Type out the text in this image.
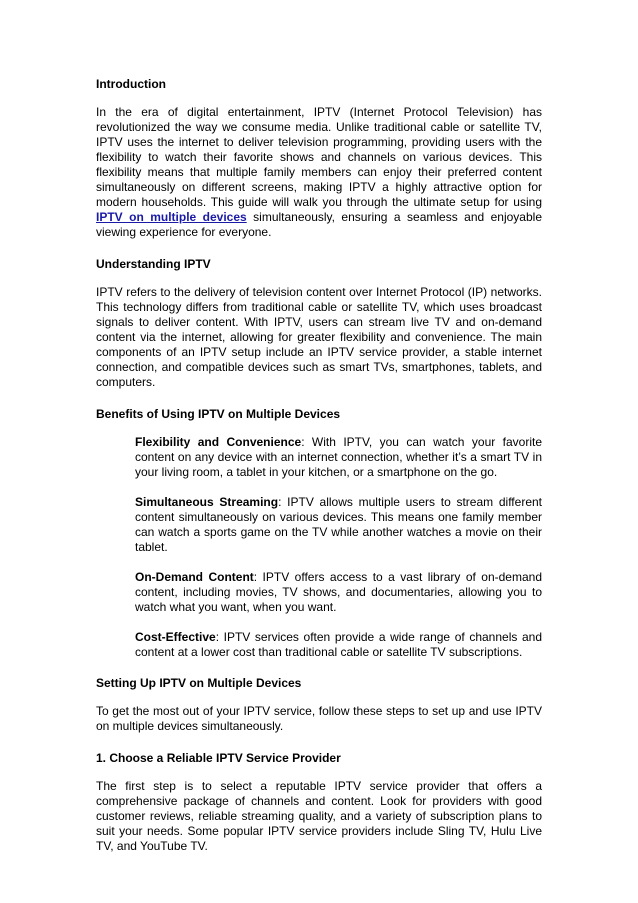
Introduction

In the era of digital entertainment, IPTV (Internet Protocol Television) has revolutionized the way we consume media. Unlike traditional cable or satellite TV, IPTV uses the internet to deliver television programming, providing users with the flexibility to watch their favorite shows and channels on various devices. This flexibility means that multiple family members can enjoy their preferred content simultaneously on different screens, making IPTV a highly attractive option for modern households. This guide will walk you through the ultimate setup for using IPTV on multiple devices simultaneously, ensuring a seamless and enjoyable viewing experience for everyone.

Understanding IPTV

IPTV refers to the delivery of television content over Internet Protocol (IP) networks. This technology differs from traditional cable or satellite TV, which uses broadcast signals to deliver content. With IPTV, users can stream live TV and on-demand content via the internet, allowing for greater flexibility and convenience. The main components of an IPTV setup include an IPTV service provider, a stable internet connection, and compatible devices such as smart TVs, smartphones, tablets, and computers.

Benefits of Using IPTV on Multiple Devices

Flexibility and Convenience: With IPTV, you can watch your favorite content on any device with an internet connection, whether it’s a smart TV in your living room, a tablet in your kitchen, or a smartphone on the go.

Simultaneous Streaming: IPTV allows multiple users to stream different content simultaneously on various devices. This means one family member can watch a sports game on the TV while another watches a movie on their tablet.

On-Demand Content: IPTV offers access to a vast library of on-demand content, including movies, TV shows, and documentaries, allowing you to watch what you want, when you want.

Cost-Effective: IPTV services often provide a wide range of channels and content at a lower cost than traditional cable or satellite TV subscriptions.

Setting Up IPTV on Multiple Devices

To get the most out of your IPTV service, follow these steps to set up and use IPTV on multiple devices simultaneously.

1. Choose a Reliable IPTV Service Provider

The first step is to select a reputable IPTV service provider that offers a comprehensive package of channels and content. Look for providers with good customer reviews, reliable streaming quality, and a variety of subscription plans to suit your needs. Some popular IPTV service providers include Sling TV, Hulu Live TV, and YouTube TV.
